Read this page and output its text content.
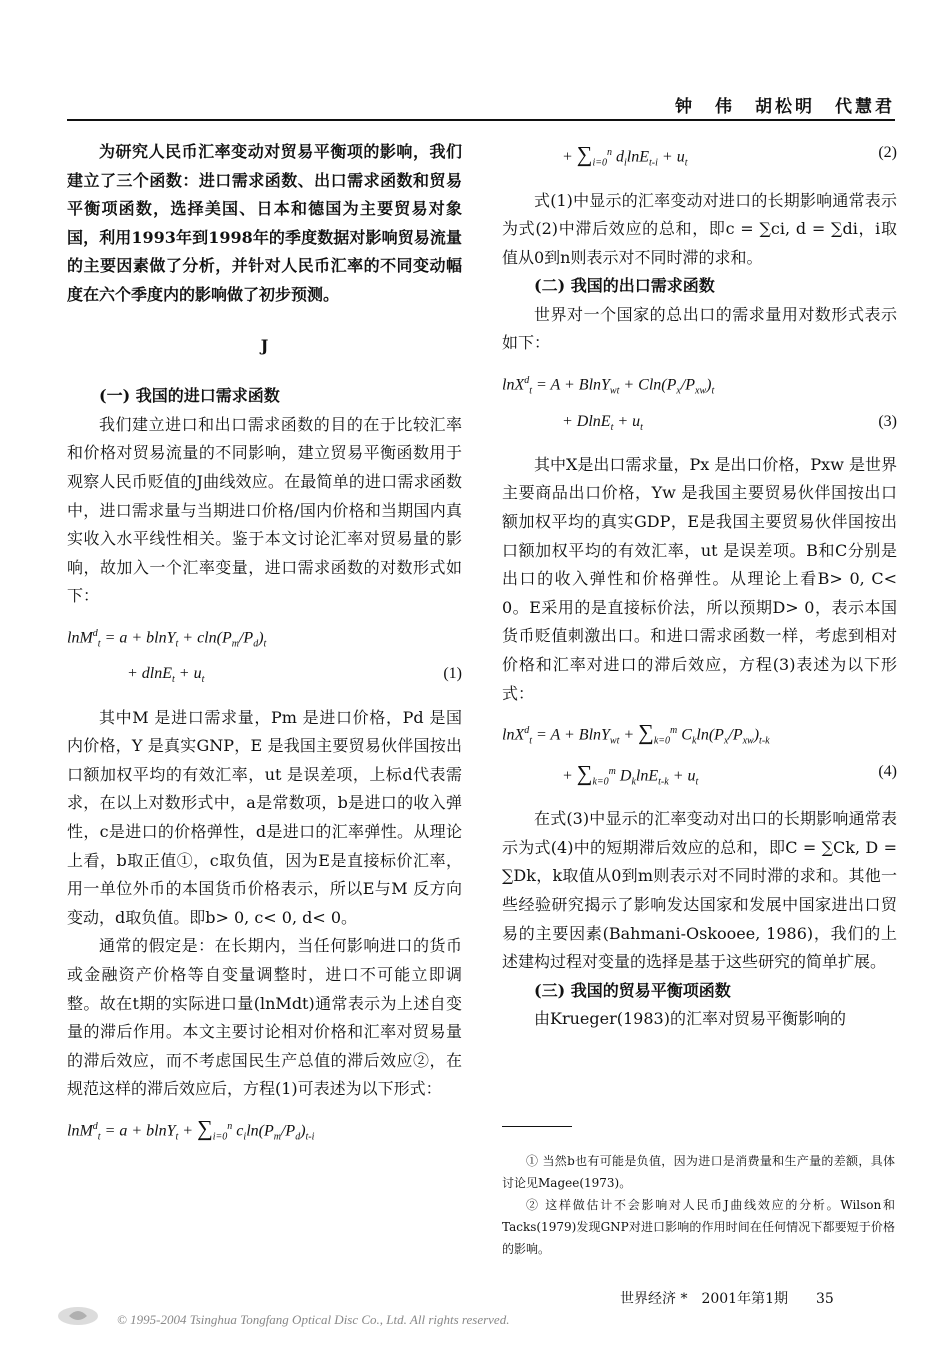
钟　伟　胡松明　代慧君

为研究人民币汇率变动对贸易平衡项的影响，我们建立了三个函数：进口需求函数、出口需求函数和贸易平衡项函数，选择美国、日本和德国为主要贸易对象国，利用1993年到1998年的季度数据对影响贸易流量的主要因素做了分析，并针对人民币汇率的不同变动幅度在六个季度内的影响做了初步预测。

J

(一) 我国的进口需求函数

我们建立进口和出口需求函数的目的在于比较汇率和价格对贸易流量的不同影响，建立贸易平衡函数用于观察人民币贬值的J曲线效应。在最简单的进口需求函数中，进口需求量与当期进口价格/国内价格和当期国内真实收入水平线性相关。鉴于本文讨论汇率对贸易量的影响，故加入一个汇率变量，进口需求函数的对数形式如下：

$\ln M^d_t = a + blnY_t + cln(P_m/P_d)_t$
+ $dlnE_t + u_t$	(1)

其中M 是进口需求量，Pm 是进口价格，Pd 是国内价格，Y 是真实GNP，E 是我国主要贸易伙伴国按出口额加权平均的有效汇率，ut 是误差项，上标d代表需求，在以上对数形式中，a是常数项，b是进口的收入弹性，c是进口的价格弹性，d是进口的汇率弹性。从理论上看，b取正值①，c取负值，因为E是直接标价汇率，用一单位外币的本国货币价格表示，所以E与M 反方向变动，d取负值。即b> 0, c< 0, d< 0。

通常的假定是：在长期内，当任何影响进口的货币或金融资产价格等自变量调整时，进口不可能立即调整。故在t期的实际进口量(lnMdt)通常表示为上述自变量的滞后作用。本文主要讨论相对价格和汇率对贸易量的滞后效应，而不考虑国民生产总值的滞后效应②，在规范这样的滞后效应后，方程(1)可表述为以下形式：

$\ln M^d_t = a + blnY_t + \sum_{i=0}^n$ $c_i\ln(P_m/P_d)_{t-i}$
+ $\sum_{i=0}^n$ $d_i\ln E_{t-i} + u_t$
(2)

式(1)中显示的汇率变动对进口的长期影响通常表示为式(2)中滞后效应的总和，即c = ∑ci, d = ∑di，i取值从0到n则表示对不同时滞的求和。

(二) 我国的出口需求函数

世界对一个国家的总出口的需求量用对数形式表示如下：

$\ln X^d_t = A + BlnY_{wt} + Cln(P_x/P_{xw})_t$
+ $DlnE_t + u_t$	(3)

其中X是出口需求量，Px 是出口价格，Pxw 是世界主要商品出口价格，Yw 是我国主要贸易伙伴国按出口额加权平均的真实GDP，E是我国主要贸易伙伴国按出口额加权平均的有效汇率，ut 是误差项。B和C分别是出口的收入弹性和价格弹性。从理论上看B> 0, C< 0。E采用的是直接标价法，所以预期D> 0，表示本国货币贬值刺激出口。和进口需求函数一样，考虑到相对价格和汇率对进口的滞后效应，方程(3)表述为以下形式：

$\ln X^d_t = A + BlnY_{wt} + \sum_{k=0}^m$ $C_k\ln(P_x/P_{xw})_{t-k}$
+ $\sum_{k=0}^m$ $D_k\ln E_{t-k} + u_t$
(4)

在式(3)中显示的汇率变动对出口的长期影响通常表示为式(4)中的短期滞后效应的总和，即C = ∑Ck, D = ∑Dk，k取值从0到m则表示对不同时滞的求和。其他一些经验研究揭示了影响发达国家和发展中国家进出口贸易的主要因素(Bahmani-Oskooee, 1986)，我们的上述建构过程对变量的选择是基于这些研究的简单扩展。

(三) 我国的贸易平衡项函数

由Krueger(1983)的汇率对贸易平衡影响的

① 当然b也有可能是负值，因为进口是消费量和生产量的差额，具体讨论见Magee(1973)。

② 这样做估计不会影响对人民币J曲线效应的分析。Wilson和Tacks(1979)发现GNP对进口影响的作用时间在任何情况下都要短于价格的影响。

世界经济 *　2001年第1期　　35
© 1995-2004 Tsinghua Tongfang Optical Disc Co., Ltd. All rights reserved.
